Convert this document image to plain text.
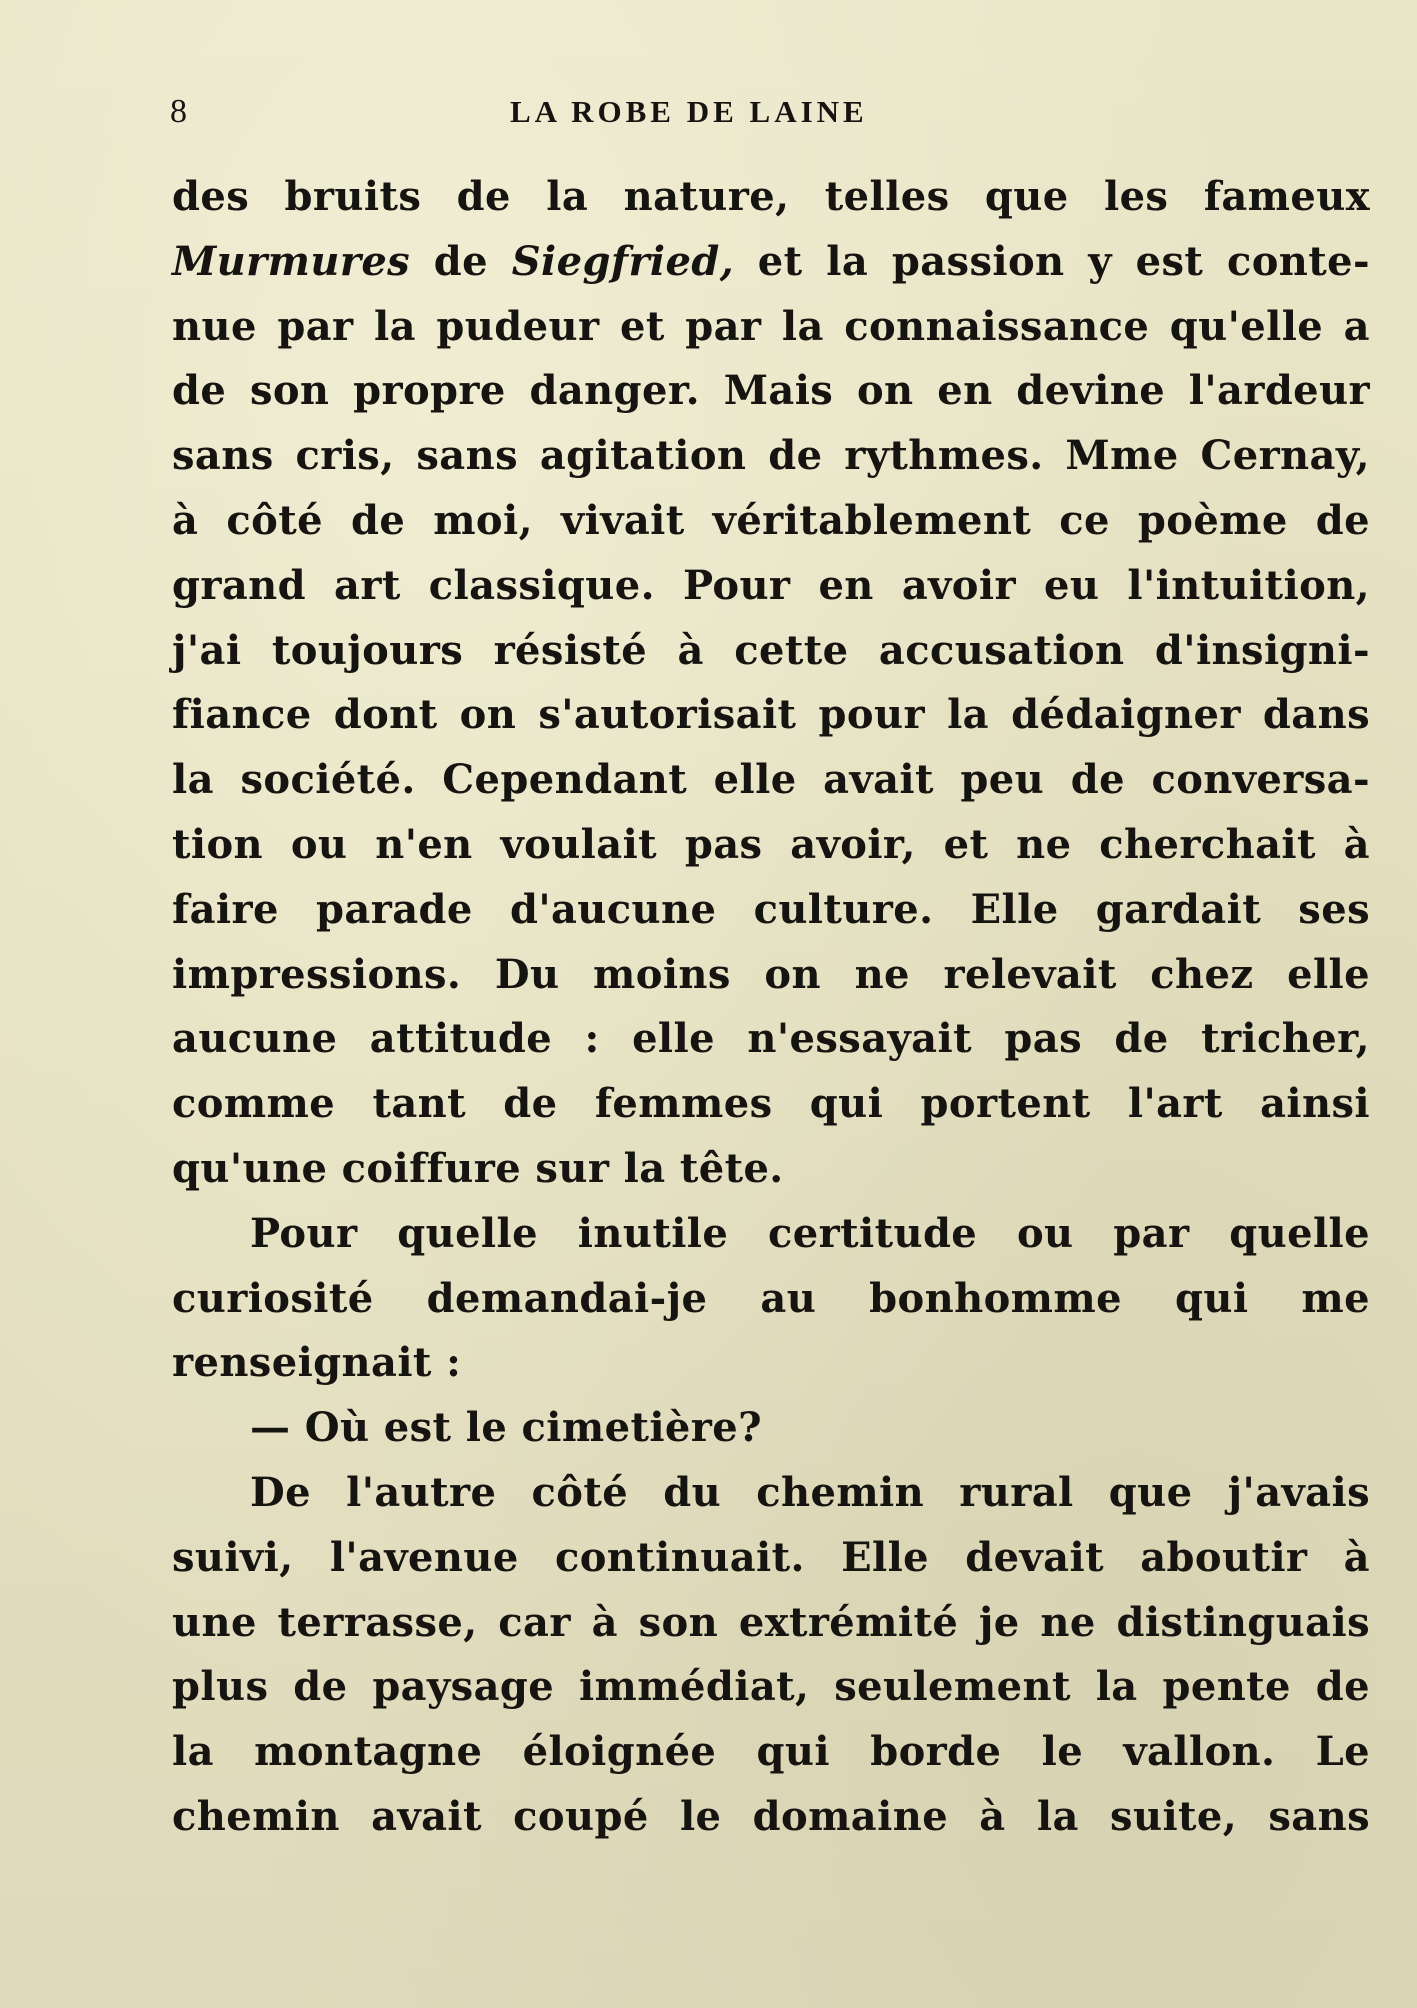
8	LA ROBE DE LAINE
des bruits de la nature, telles que les fameux
Murmures de Siegfried, et la passion y est conte-
nue par la pudeur et par la connaissance qu'elle a
de son propre danger. Mais on en devine l'ardeur
sans cris, sans agitation de rythmes. Mme Cernay,
à côté de moi, vivait véritablement ce poème de
grand art classique. Pour en avoir eu l'intuition,
j'ai toujours résisté à cette accusation d'insigni-
fiance dont on s'autorisait pour la dédaigner dans
la société. Cependant elle avait peu de conversa-
tion ou n'en voulait pas avoir, et ne cherchait à
faire parade d'aucune culture. Elle gardait ses
impressions. Du moins on ne relevait chez elle
aucune attitude : elle n'essayait pas de tricher,
comme tant de femmes qui portent l'art ainsi
qu'une coiffure sur la tête.
Pour quelle inutile certitude ou par quelle
curiosité demandai-je au bonhomme qui me
renseignait :
— Où est le cimetière?
De l'autre côté du chemin rural que j'avais
suivi, l'avenue continuait. Elle devait aboutir à
une terrasse, car à son extrémité je ne distinguais
plus de paysage immédiat, seulement la pente de
la montagne éloignée qui borde le vallon. Le
chemin avait coupé le domaine à la suite, sans
